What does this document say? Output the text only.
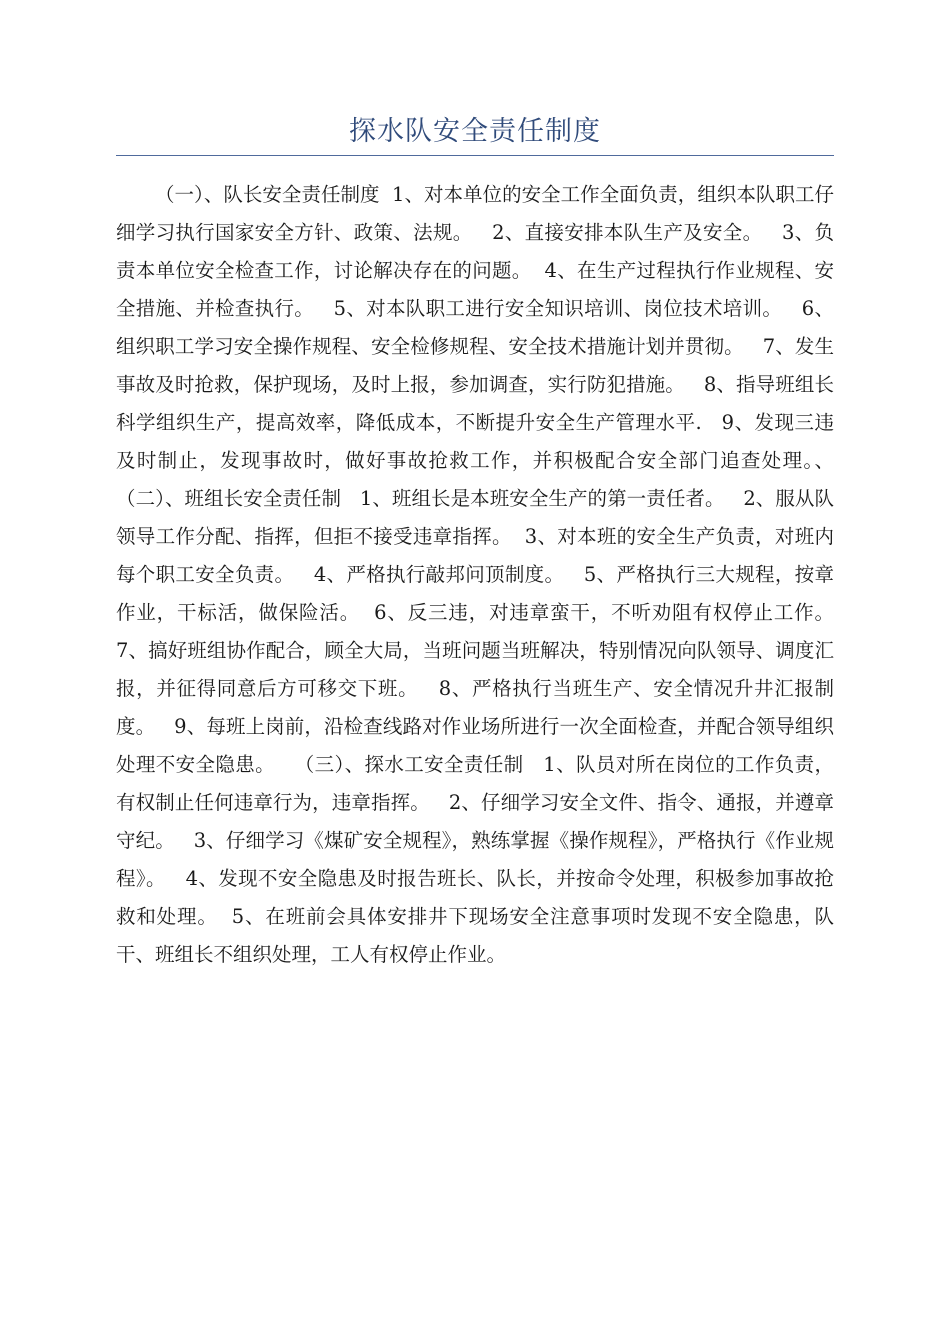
探水队安全责任制度

（一）、队长安全责任制度  1、对本单位的安全工作全面负责，组织本队职工仔细学习执行国家安全方针、政策、法规。   2、直接安排本队生产及安全。   3、负责本单位安全检查工作，讨论解决存在的问题。  4、在生产过程执行作业规程、安全措施、并检查执行。   5、对本队职工进行安全知识培训、岗位技术培训。   6、组织职工学习安全操作规程、安全检修规程、安全技术措施计划并贯彻。   7、发生事故及时抢救，保护现场，及时上报，参加调查，实行防犯措施。   8、指导班组长科学组织生产，提高效率，降低成本，不断提升安全生产管理水平.   9、发现三违及时制止，发现事故时，做好事故抢救工作，并积极配合安全部门追查处理。、   （二）、班组长安全责任制   1、班组长是本班安全生产的第一责任者。   2、服从队领导工作分配、指挥，但拒不接受违章指挥。  3、对本班的安全生产负责，对班内每个职工安全负责。   4、严格执行敲邦问顶制度。   5、严格执行三大规程，按章作业，干标活，做保险活。  6、反三违，对违章蛮干，不听劝阻有权停止工作。   7、搞好班组协作配合，顾全大局，当班问题当班解决，特别情况向队领导、调度汇报，并征得同意后方可移交下班。   8、严格执行当班生产、安全情况升井汇报制度。   9、每班上岗前，沿检查线路对作业场所进行一次全面检查，并配合领导组织处理不安全隐患。   （三）、探水工安全责任制   1、队员对所在岗位的工作负责，有权制止任何违章行为，违章指挥。   2、仔细学习安全文件、指令、通报，并遵章守纪。   3、仔细学习《煤矿安全规程》，熟练掌握《操作规程》，严格执行《作业规程》。   4、发现不安全隐患及时报告班长、队长，并按命令处理，积极参加事故抢救和处理。  5、在班前会具体安排井下现场安全注意事项时发现不安全隐患，队干、班组长不组织处理，工人有权停止作业。
